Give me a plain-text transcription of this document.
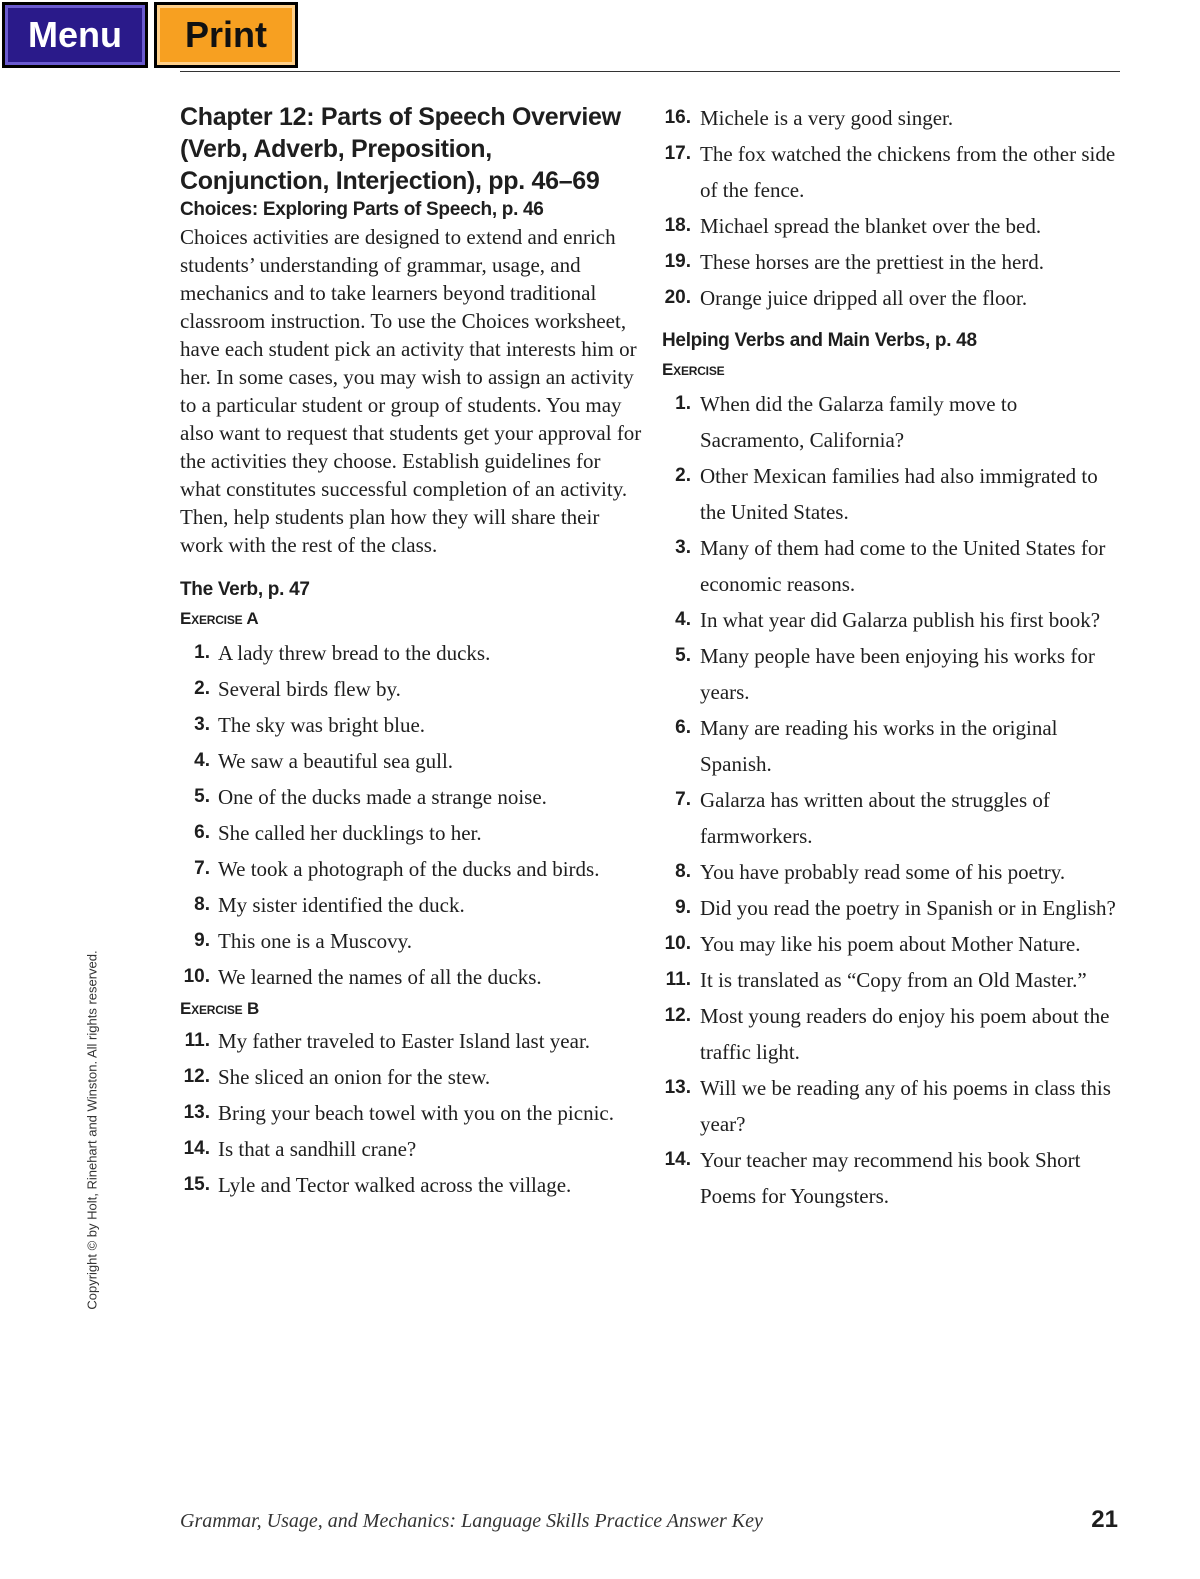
Menu	Print
Copyright © by Holt, Rinehart and Winston. All rights reserved.
Chapter 12: Parts of Speech Overview (Verb, Adverb, Preposition, Conjunction, Interjection), pp. 46–69
Choices: Exploring Parts of Speech, p. 46

Choices activities are designed to extend and enrich students’ understanding of grammar, usage, and mechanics and to take learners beyond traditional classroom instruction. To use the Choices worksheet, have each student pick an activity that interests him or her. In some cases, you may wish to assign an activity to a particular student or group of students. You may also want to request that students get your approval for the activities they choose. Establish guidelines for what constitutes successful completion of an activity. Then, help students plan how they will share their work with the rest of the class.

The Verb, p. 47
Exercise A
1. A lady threw bread to the ducks.
2. Several birds flew by.
3. The sky was bright blue.
4. We saw a beautiful sea gull.
5. One of the ducks made a strange noise.
6. She called her ducklings to her.
7. We took a photograph of the ducks and birds.
8. My sister identified the duck.
9. This one is a Muscovy.
10. We learned the names of all the ducks.
Exercise B
11. My father traveled to Easter Island last year.
12. She sliced an onion for the stew.
13. Bring your beach towel with you on the picnic.
14. Is that a sandhill crane?
15. Lyle and Tector walked across the village.
16. Michele is a very good singer.
17. The fox watched the chickens from the other side of the fence.
18. Michael spread the blanket over the bed.
19. These horses are the prettiest in the herd.
20. Orange juice dripped all over the floor.
Helping Verbs and Main Verbs, p. 48
Exercise
1. When did the Galarza family move to Sacramento, California?
2. Other Mexican families had also immigrated to the United States.
3. Many of them had come to the United States for economic reasons.
4. In what year did Galarza publish his first book?
5. Many people have been enjoying his works for years.
6. Many are reading his works in the original Spanish.
7. Galarza has written about the struggles of farmworkers.
8. You have probably read some of his poetry.
9. Did you read the poetry in Spanish or in English?
10. You may like his poem about Mother Nature.
11. It is translated as “Copy from an Old Master.”
12. Most young readers do enjoy his poem about the traffic light.
13. Will we be reading any of his poems in class this year?
14. Your teacher may recommend his book Short Poems for Youngsters.
Grammar, Usage, and Mechanics: Language Skills Practice Answer Key	21
